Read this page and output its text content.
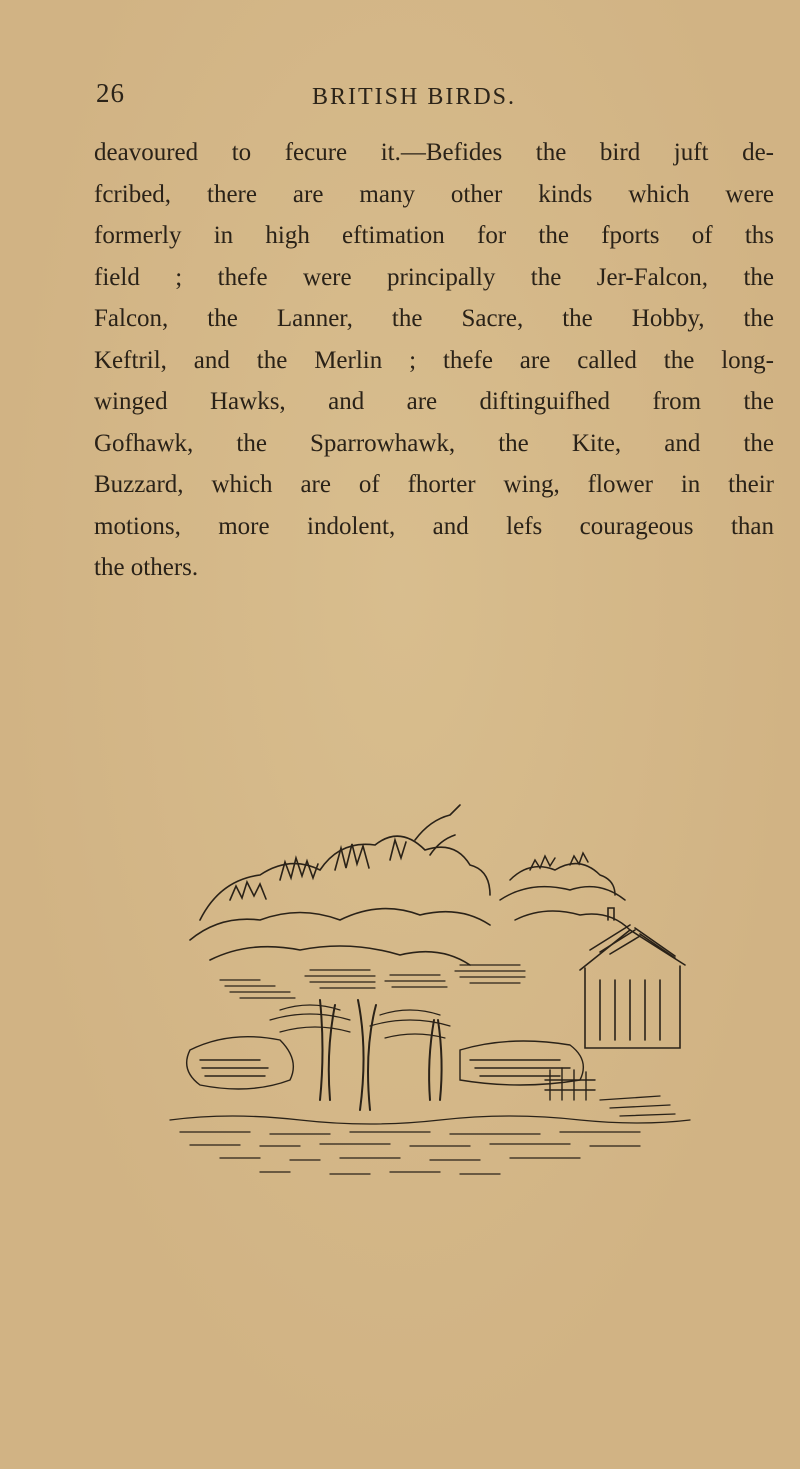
26	BRITISH BIRDS.
deavoured to fecure it.—Befides the bird juft de-
fcribed, there are many other kinds which were
formerly in high eftimation for the fports of ths
field ; thefe were principally the Jer-Falcon, the
Falcon, the Lanner, the Sacre, the Hobby, the
Keftril, and the Merlin ; thefe are called the long-
winged Hawks, and are diftinguifhed from the
Gofhawk, the Sparrowhawk, the Kite, and the
Buzzard, which are of fhorter wing, flower in their
motions, more indolent, and lefs courageous than
the others.
